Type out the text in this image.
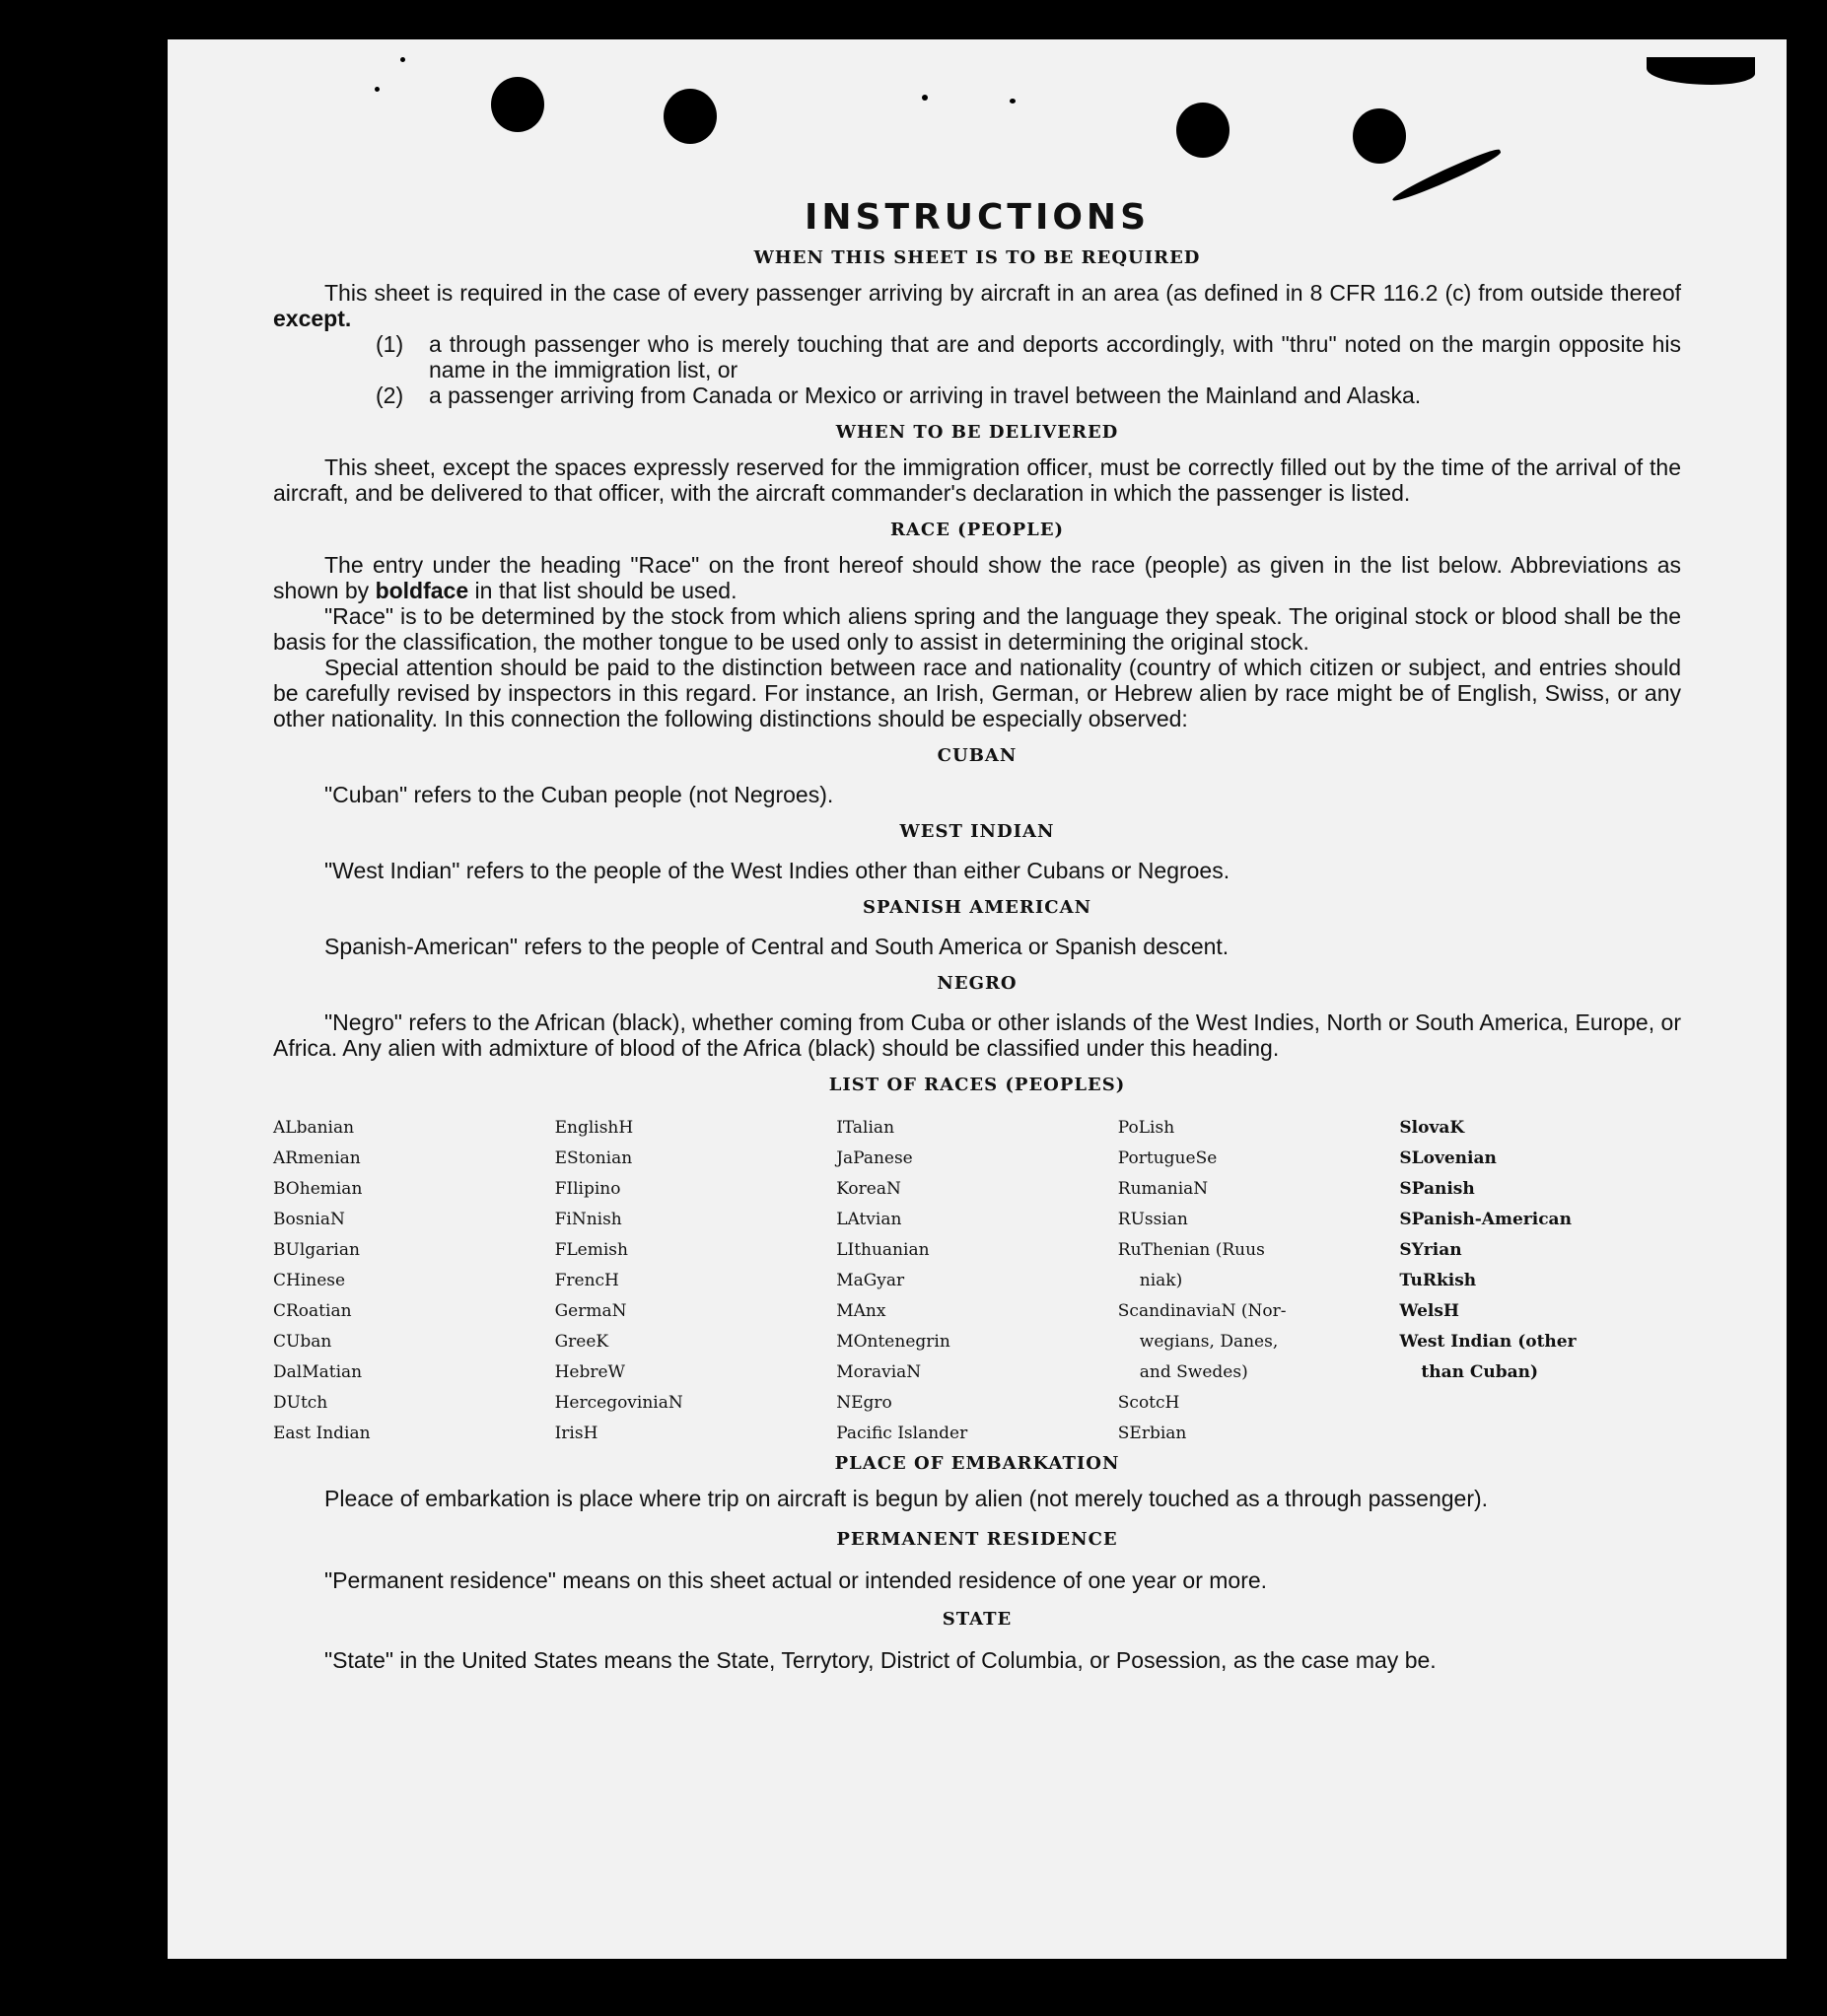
INSTRUCTIONS
WHEN THIS SHEET IS TO BE REQUIRED

This sheet is required in the case of every passenger arriving by aircraft in an area (as defined in 8 CFR 116.2 (c) from outside thereof except.

(1)	a through passenger who is merely touching that are and deports accordingly, with "thru" noted on the margin opposite his name in the immigration list, or
(2)	a passenger arriving from Canada or Mexico or arriving in travel between the Mainland and Alaska.
WHEN TO BE DELIVERED

This sheet, except the spaces expressly reserved for the immigration officer, must be correctly filled out by the time of the arrival of the aircraft, and be delivered to that officer, with the aircraft commander's declaration in which the passenger is listed.

RACE (PEOPLE)

The entry under the heading "Race" on the front hereof should show the race (people) as given in the list below. Abbreviations as shown by boldface in that list should be used.

"Race" is to be determined by the stock from which aliens spring and the language they speak. The original stock or blood shall be the basis for the classification, the mother tongue to be used only to assist in determining the original stock.

Special attention should be paid to the distinction between race and nationality (country of which citizen or subject, and entries should be carefully revised by inspectors in this regard. For instance, an Irish, German, or Hebrew alien by race might be of English, Swiss, or any other nationality. In this connection the following distinctions should be especially observed:

CUBAN

"Cuban" refers to the Cuban people (not Negroes).

WEST INDIAN

"West Indian" refers to the people of the West Indies other than either Cubans or Negroes.

SPANISH AMERICAN

Spanish-American" refers to the people of Central and South America or Spanish descent.

NEGRO

"Negro" refers to the African (black), whether coming from Cuba or other islands of the West Indies, North or South America, Europe, or Africa. Any alien with admixture of blood of the Africa (black) should be classified under this heading.

LIST OF RACES (PEOPLES)
ALbanian
ARmenian
BOhemian
BosniaN
BUlgarian
CHinese
CRoatian
CUban
DalMatian
DUtch
East Indian
EnglishH
EStonian
FIlipino
FiNnish
FLemish
FrencH
GermaN
GreeK
HebreW
HercegoviniaN
IrisH
ITalian
JaPanese
KoreaN
LAtvian
LIthuanian
MaGyar
MAnx
MOntenegrin
MoraviaN
NEgro
Pacific Islander
PoLish
PortugueSe
RumaniaN
RUssian
RuThenian (Ruus
niak)
ScandinaviaN (Nor-
wegians, Danes,
and Swedes)
ScotcH
SErbian
SlovaK
SLovenian
SPanish
SPanish-American
SYrian
TuRkish
WelsH
West Indian (other
than Cuban)
PLACE OF EMBARKATION

Pleace of embarkation is place where trip on aircraft is begun by alien (not merely touched as a through passenger).

PERMANENT RESIDENCE

"Permanent residence" means on this sheet actual or intended residence of one year or more.

STATE

"State" in the United States means the State, Terrytory, District of Columbia, or Posession, as the case may be.
